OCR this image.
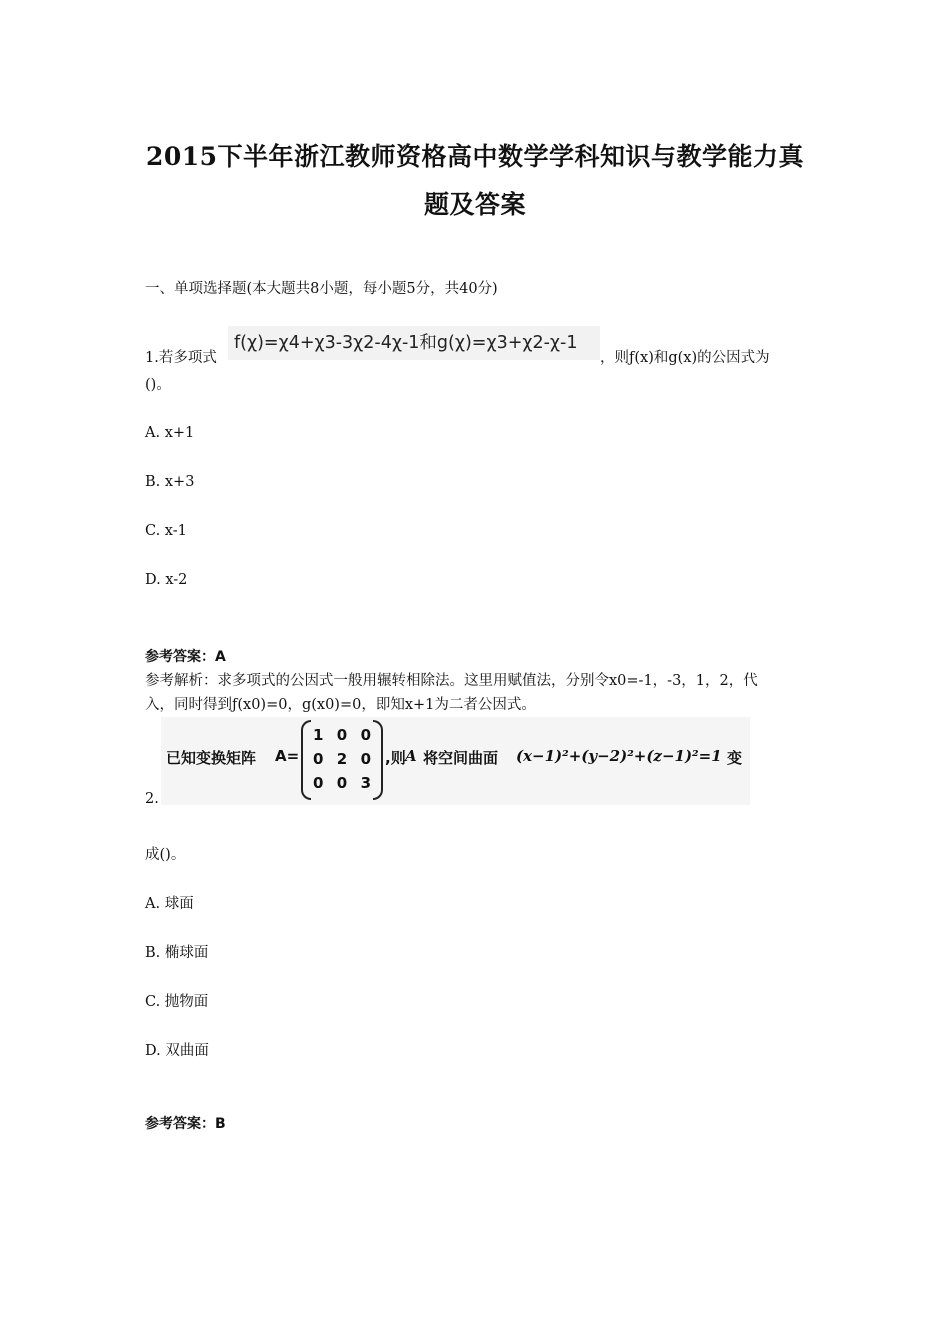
2015下半年浙江教师资格高中数学学科知识与教学能力真
题及答案
一、单项选择题(本大题共8小题，每小题5分，共40分)
1.若多项式
f(χ)=χ4+χ3-3χ2-4χ-1和g(χ)=χ3+χ2-χ-1
，则ƒ(x)和g(x)的公因式为
()。
A. x+1
B. x+3
C. x-1
D. x-2
参考答案：A
参考解析：求多项式的公因式一般用辗转相除法。这里用赋值法，分别令x0=-1，-3，1，2，代
入，同时得到ƒ(x0)=0，g(x0)=0，即知x+1为二者公因式。
已知变换矩阵 A=
1 0 0
0 2 0
0 0 3
,则 A 将空间曲面 (x−1)²+(y−2)²+(z−1)²=1 变
2.
成()。
A. 球面
B. 椭球面
C. 抛物面
D. 双曲面
参考答案：B
